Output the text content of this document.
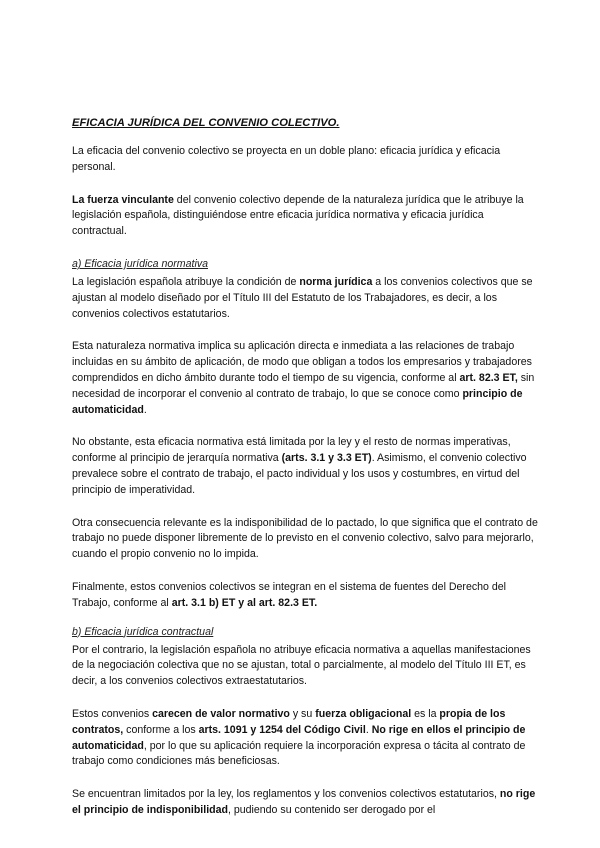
EFICACIA JURÍDICA DEL CONVENIO COLECTIVO.

La eficacia del convenio colectivo se proyecta en un doble plano: eficacia jurídica y eficacia personal.

La fuerza vinculante del convenio colectivo depende de la naturaleza jurídica que le atribuye la legislación española, distinguiéndose entre eficacia jurídica normativa y eficacia jurídica contractual.

a) Eficacia jurídica normativa

La legislación española atribuye la condición de norma jurídica a los convenios colectivos que se ajustan al modelo diseñado por el Título III del Estatuto de los Trabajadores, es decir, a los convenios colectivos estatutarios.

Esta naturaleza normativa implica su aplicación directa e inmediata a las relaciones de trabajo incluidas en su ámbito de aplicación, de modo que obligan a todos los empresarios y trabajadores comprendidos en dicho ámbito durante todo el tiempo de su vigencia, conforme al art. 82.3 ET, sin necesidad de incorporar el convenio al contrato de trabajo, lo que se conoce como principio de automaticidad.

No obstante, esta eficacia normativa está limitada por la ley y el resto de normas imperativas, conforme al principio de jerarquía normativa (arts. 3.1 y 3.3 ET). Asimismo, el convenio colectivo prevalece sobre el contrato de trabajo, el pacto individual y los usos y costumbres, en virtud del principio de imperatividad.

Otra consecuencia relevante es la indisponibilidad de lo pactado, lo que significa que el contrato de trabajo no puede disponer libremente de lo previsto en el convenio colectivo, salvo para mejorarlo, cuando el propio convenio no lo impida.

Finalmente, estos convenios colectivos se integran en el sistema de fuentes del Derecho del Trabajo, conforme al art. 3.1 b) ET y al art. 82.3 ET.

b) Eficacia jurídica contractual

Por el contrario, la legislación española no atribuye eficacia normativa a aquellas manifestaciones de la negociación colectiva que no se ajustan, total o parcialmente, al modelo del Título III ET, es decir, a los convenios colectivos extraestatutarios.

Estos convenios carecen de valor normativo y su fuerza obligacional es la propia de los contratos, conforme a los arts. 1091 y 1254 del Código Civil. No rige en ellos el principio de automaticidad, por lo que su aplicación requiere la incorporación expresa o tácita al contrato de trabajo como condiciones más beneficiosas.

Se encuentran limitados por la ley, los reglamentos y los convenios colectivos estatutarios, no rige el principio de indisponibilidad, pudiendo su contenido ser derogado por el
